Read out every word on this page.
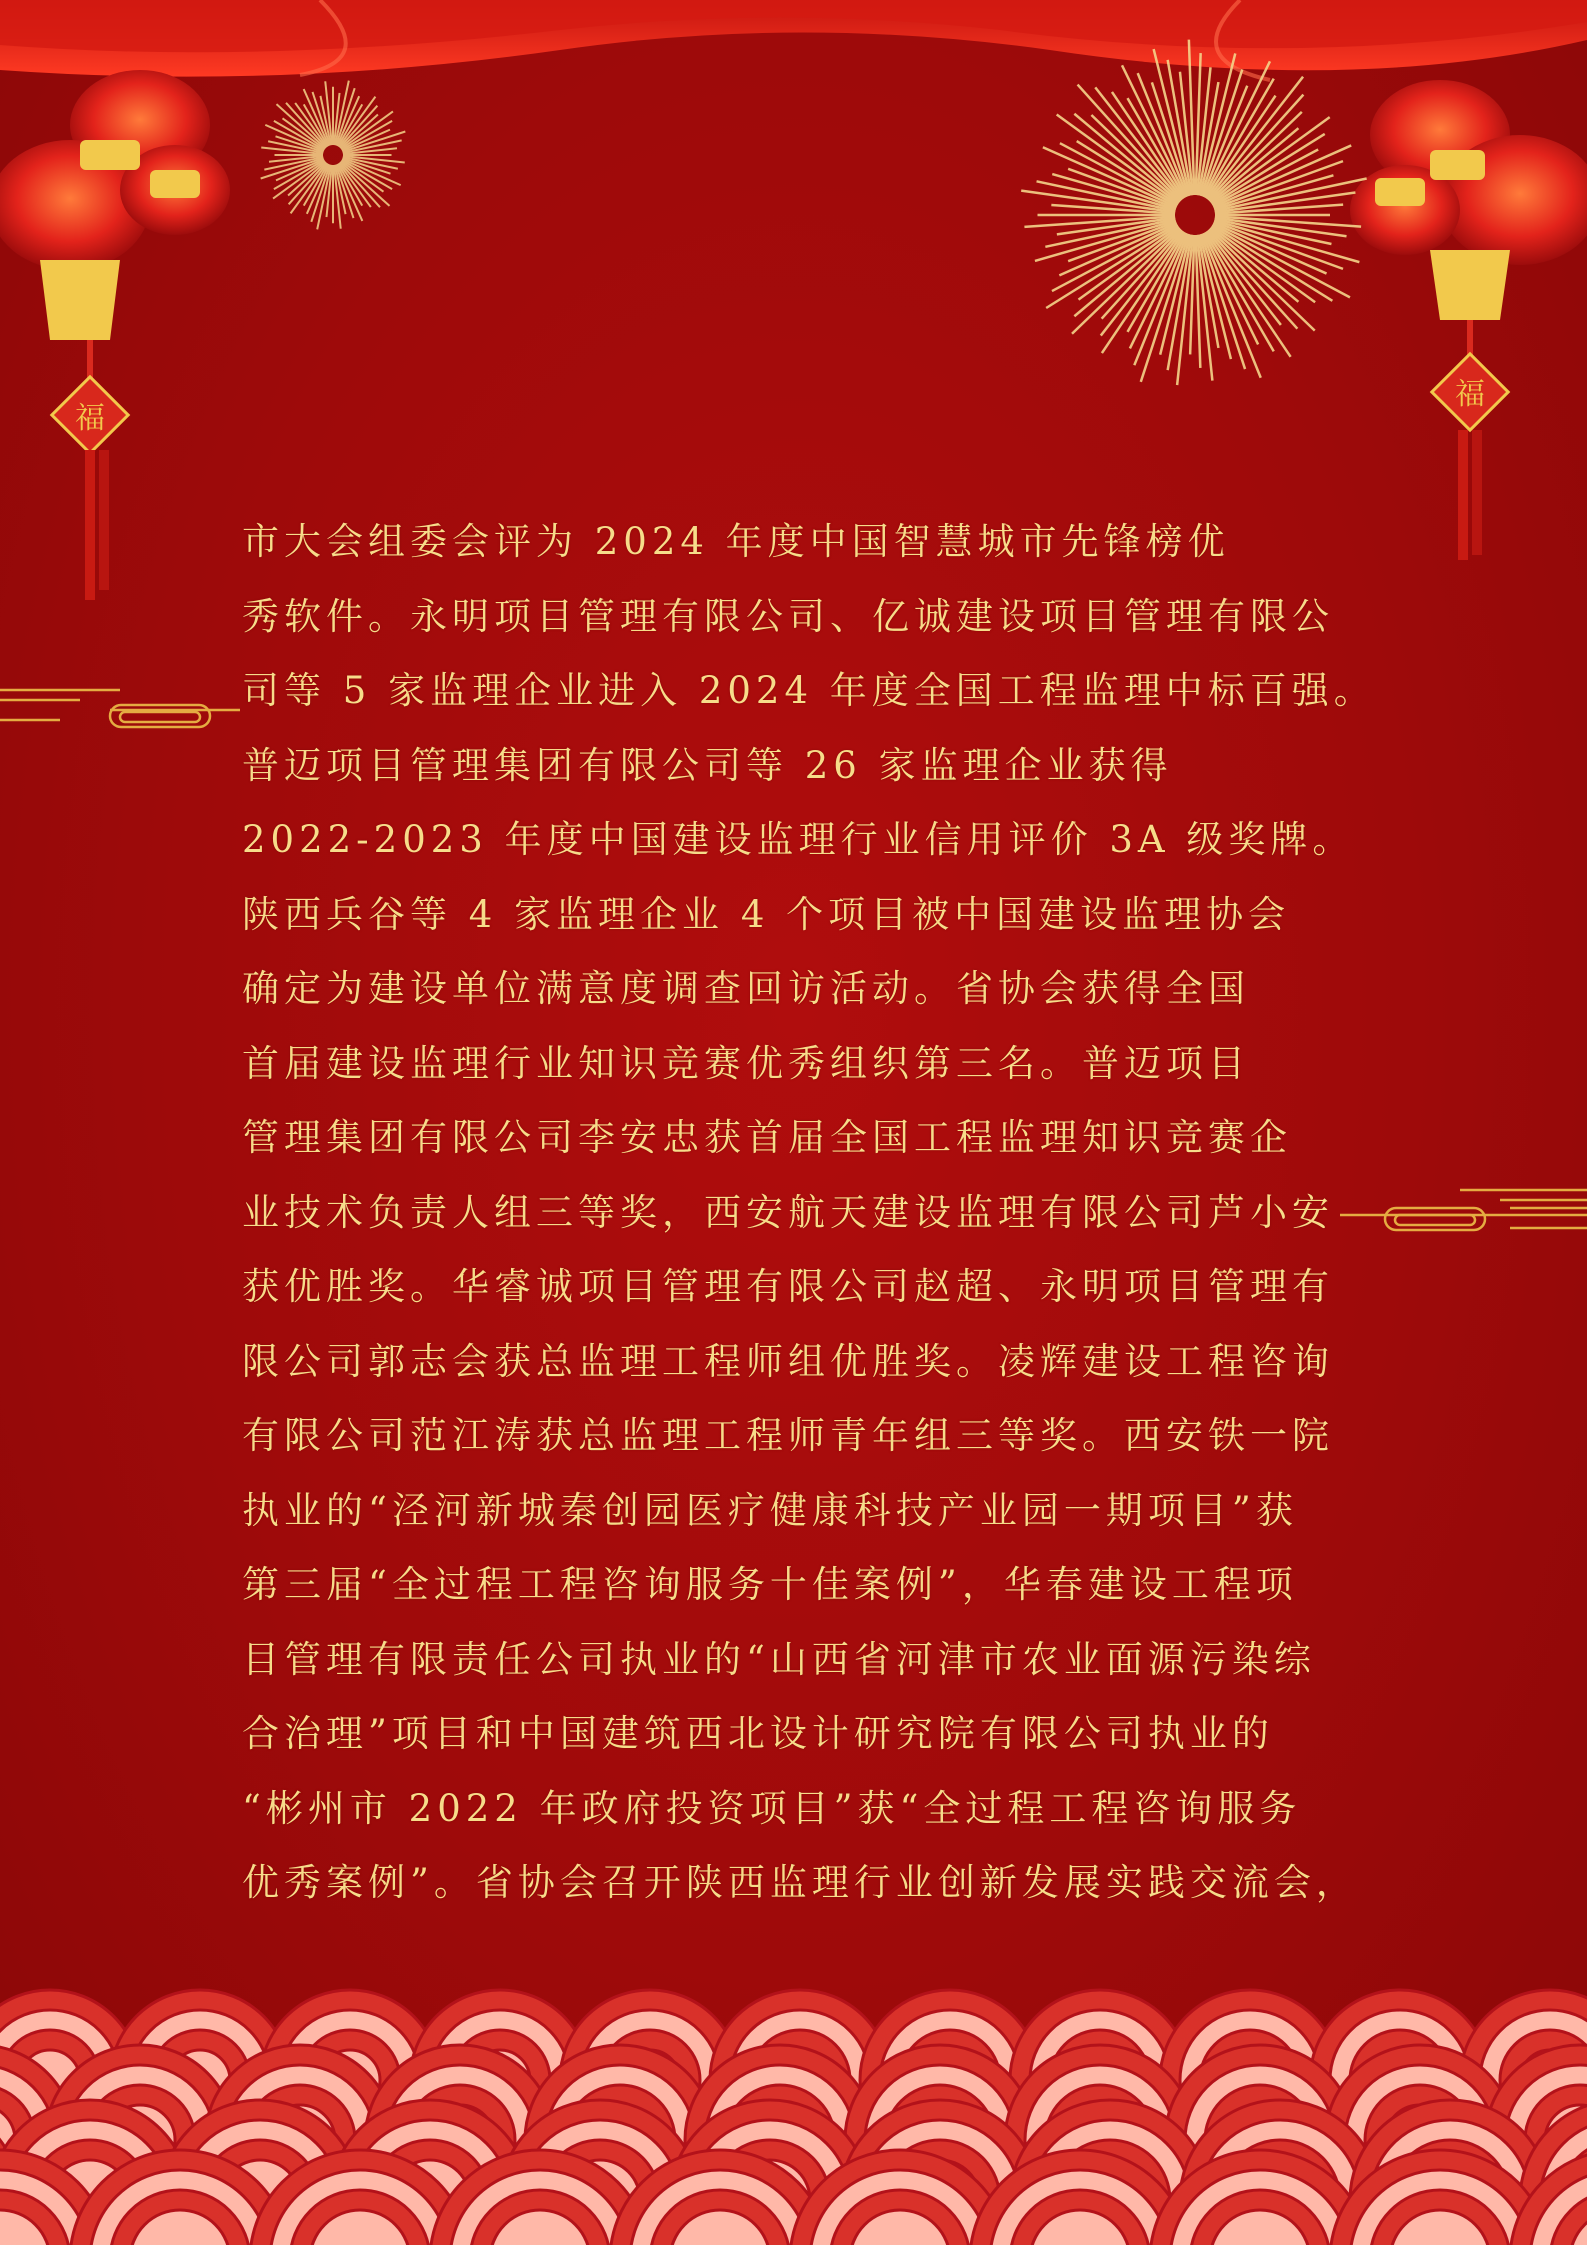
福
福
市大会组委会评为 2024 年度中国智慧城市先锋榜优
秀软件。永明项目管理有限公司、亿诚建设项目管理有限公
司等 5 家监理企业进入 2024 年度全国工程监理中标百强。
普迈项目管理集团有限公司等 26 家监理企业获得
2022-2023 年度中国建设监理行业信用评价 3A 级奖牌。
陕西兵谷等 4 家监理企业 4 个项目被中国建设监理协会
确定为建设单位满意度调查回访活动。省协会获得全国
首届建设监理行业知识竞赛优秀组织第三名。普迈项目
管理集团有限公司李安忠获首届全国工程监理知识竞赛企
业技术负责人组三等奖，西安航天建设监理有限公司芦小安
获优胜奖。华睿诚项目管理有限公司赵超、永明项目管理有
限公司郭志会获总监理工程师组优胜奖。凌辉建设工程咨询
有限公司范江涛获总监理工程师青年组三等奖。西安铁一院
执业的“泾河新城秦创园医疗健康科技产业园一期项目”获
第三届“全过程工程咨询服务十佳案例”，华春建设工程项
目管理有限责任公司执业的“山西省河津市农业面源污染综
合治理”项目和中国建筑西北设计研究院有限公司执业的
“彬州市 2022 年政府投资项目”获“全过程工程咨询服务
优秀案例”。省协会召开陕西监理行业创新发展实践交流会，
